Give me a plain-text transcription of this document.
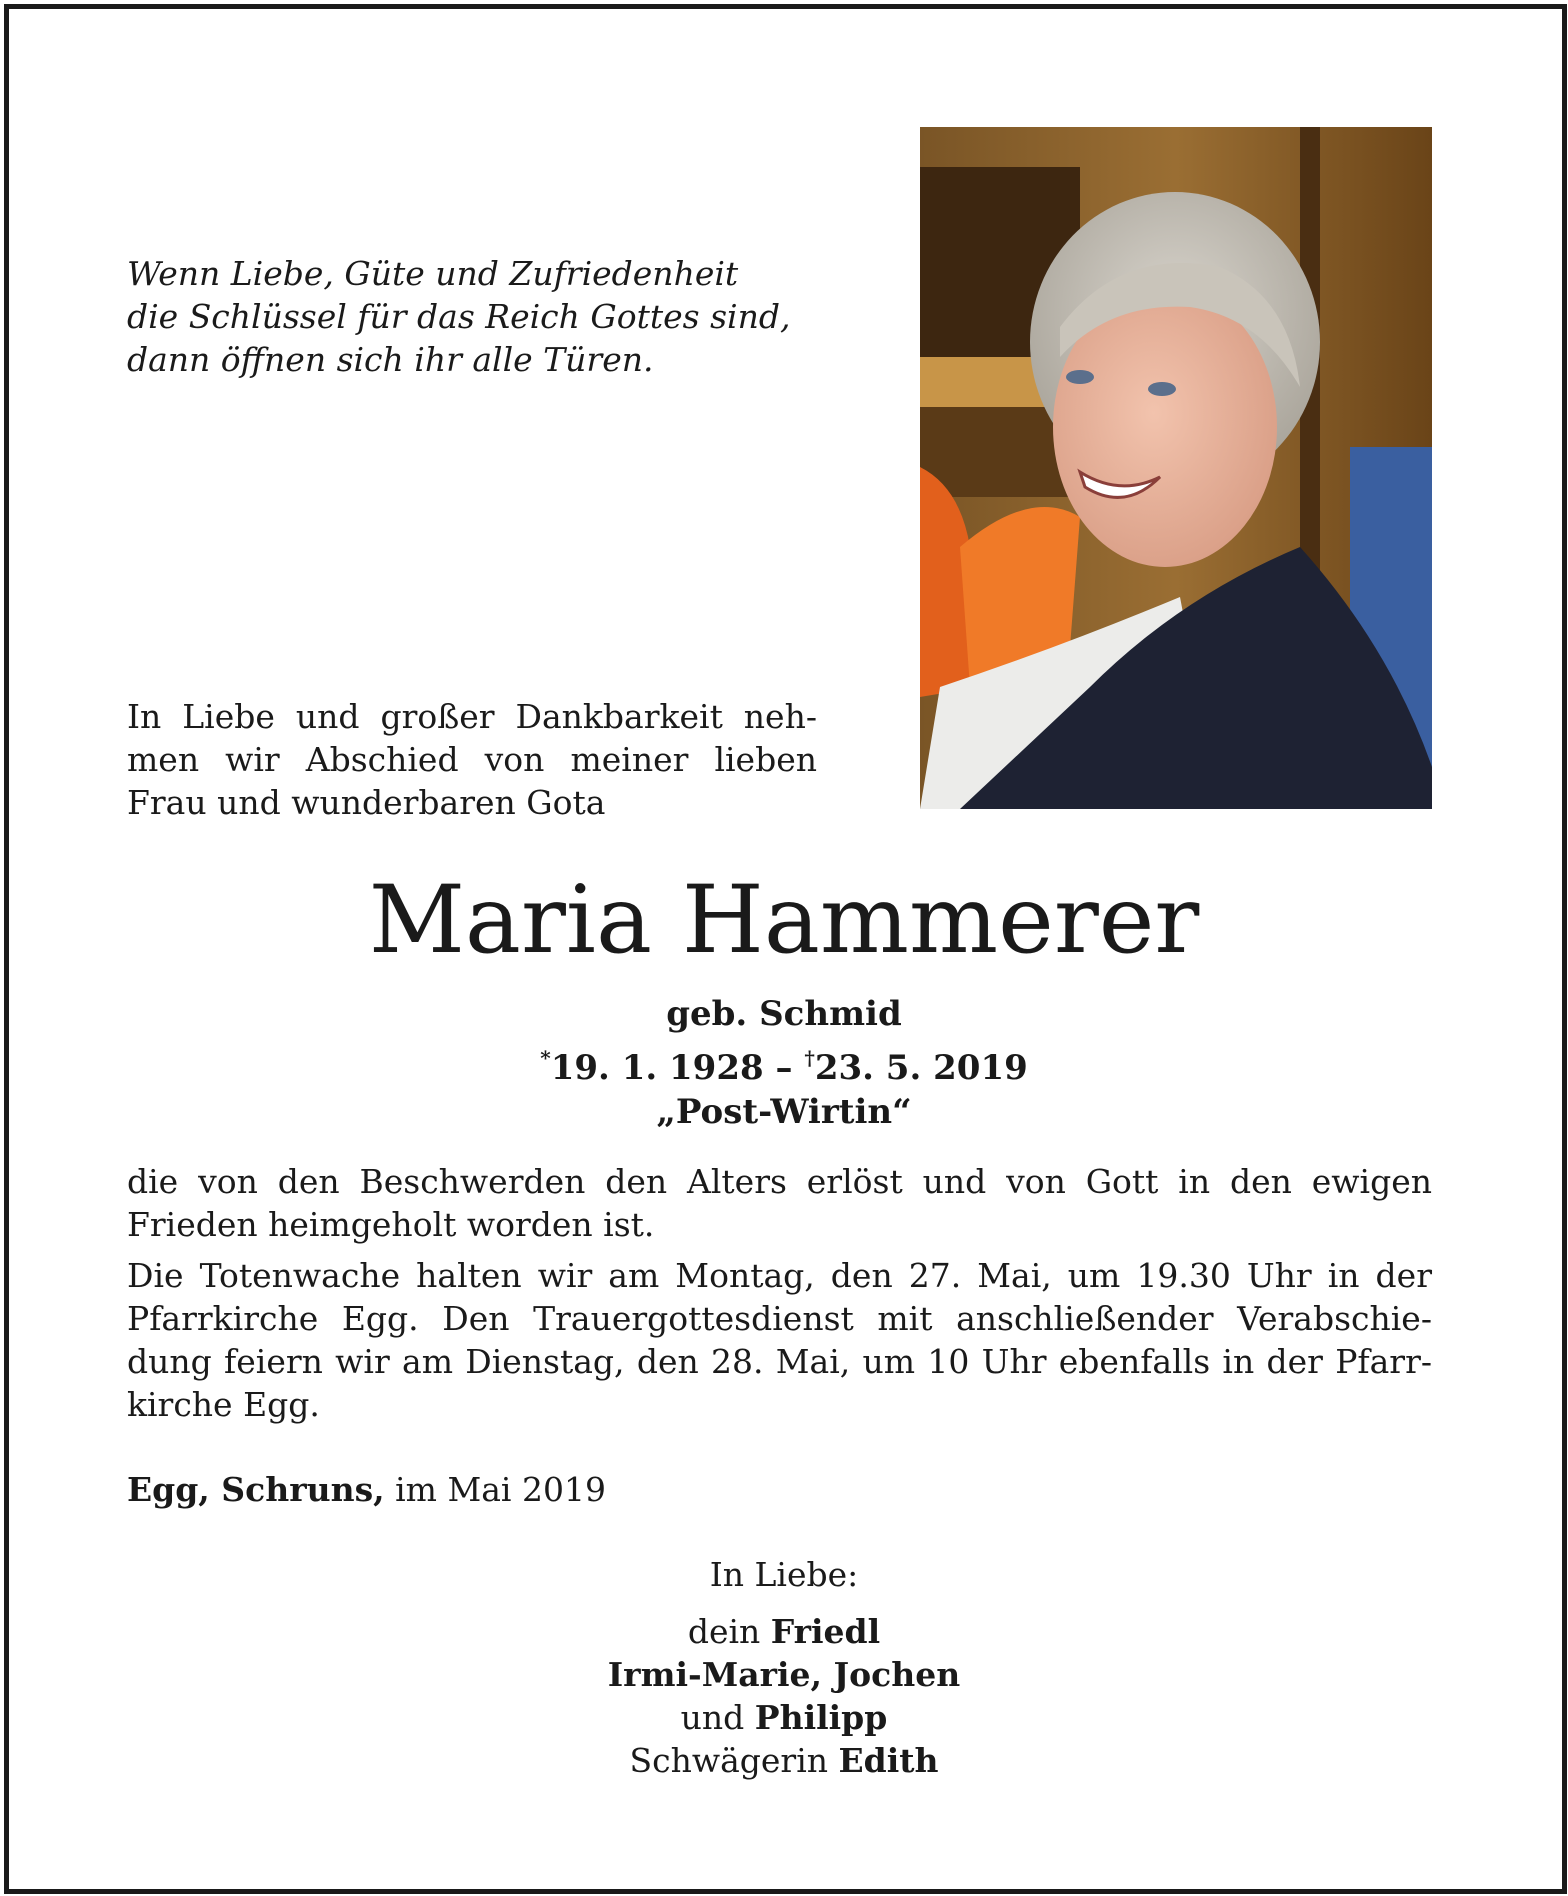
Wenn Liebe, Güte und Zufriedenheit
die Schlüssel für das Reich Gottes sind,
dann öffnen sich ihr alle Türen.
In Liebe und großer Dankbarkeit neh-
men wir Abschied von meiner lieben
Frau und wunderbaren Gota
Maria Hammerer
geb. Schmid
*19. 1. 1928 – †23. 5. 2019
„Post-Wirtin“
die von den Beschwerden den Alters erlöst und von Gott in den ewigen
Frieden heimgeholt worden ist.
Die Totenwache halten wir am Montag, den 27. Mai, um 19.30 Uhr in der
Pfarrkirche Egg. Den Trauergottesdienst mit anschließender Verabschie-
dung feiern wir am Dienstag, den 28. Mai, um 10 Uhr ebenfalls in der Pfarr-
kirche Egg.
Egg, Schruns, im Mai 2019
In Liebe:
dein Friedl
Irmi-Marie, Jochen
und Philipp
Schwägerin Edith
